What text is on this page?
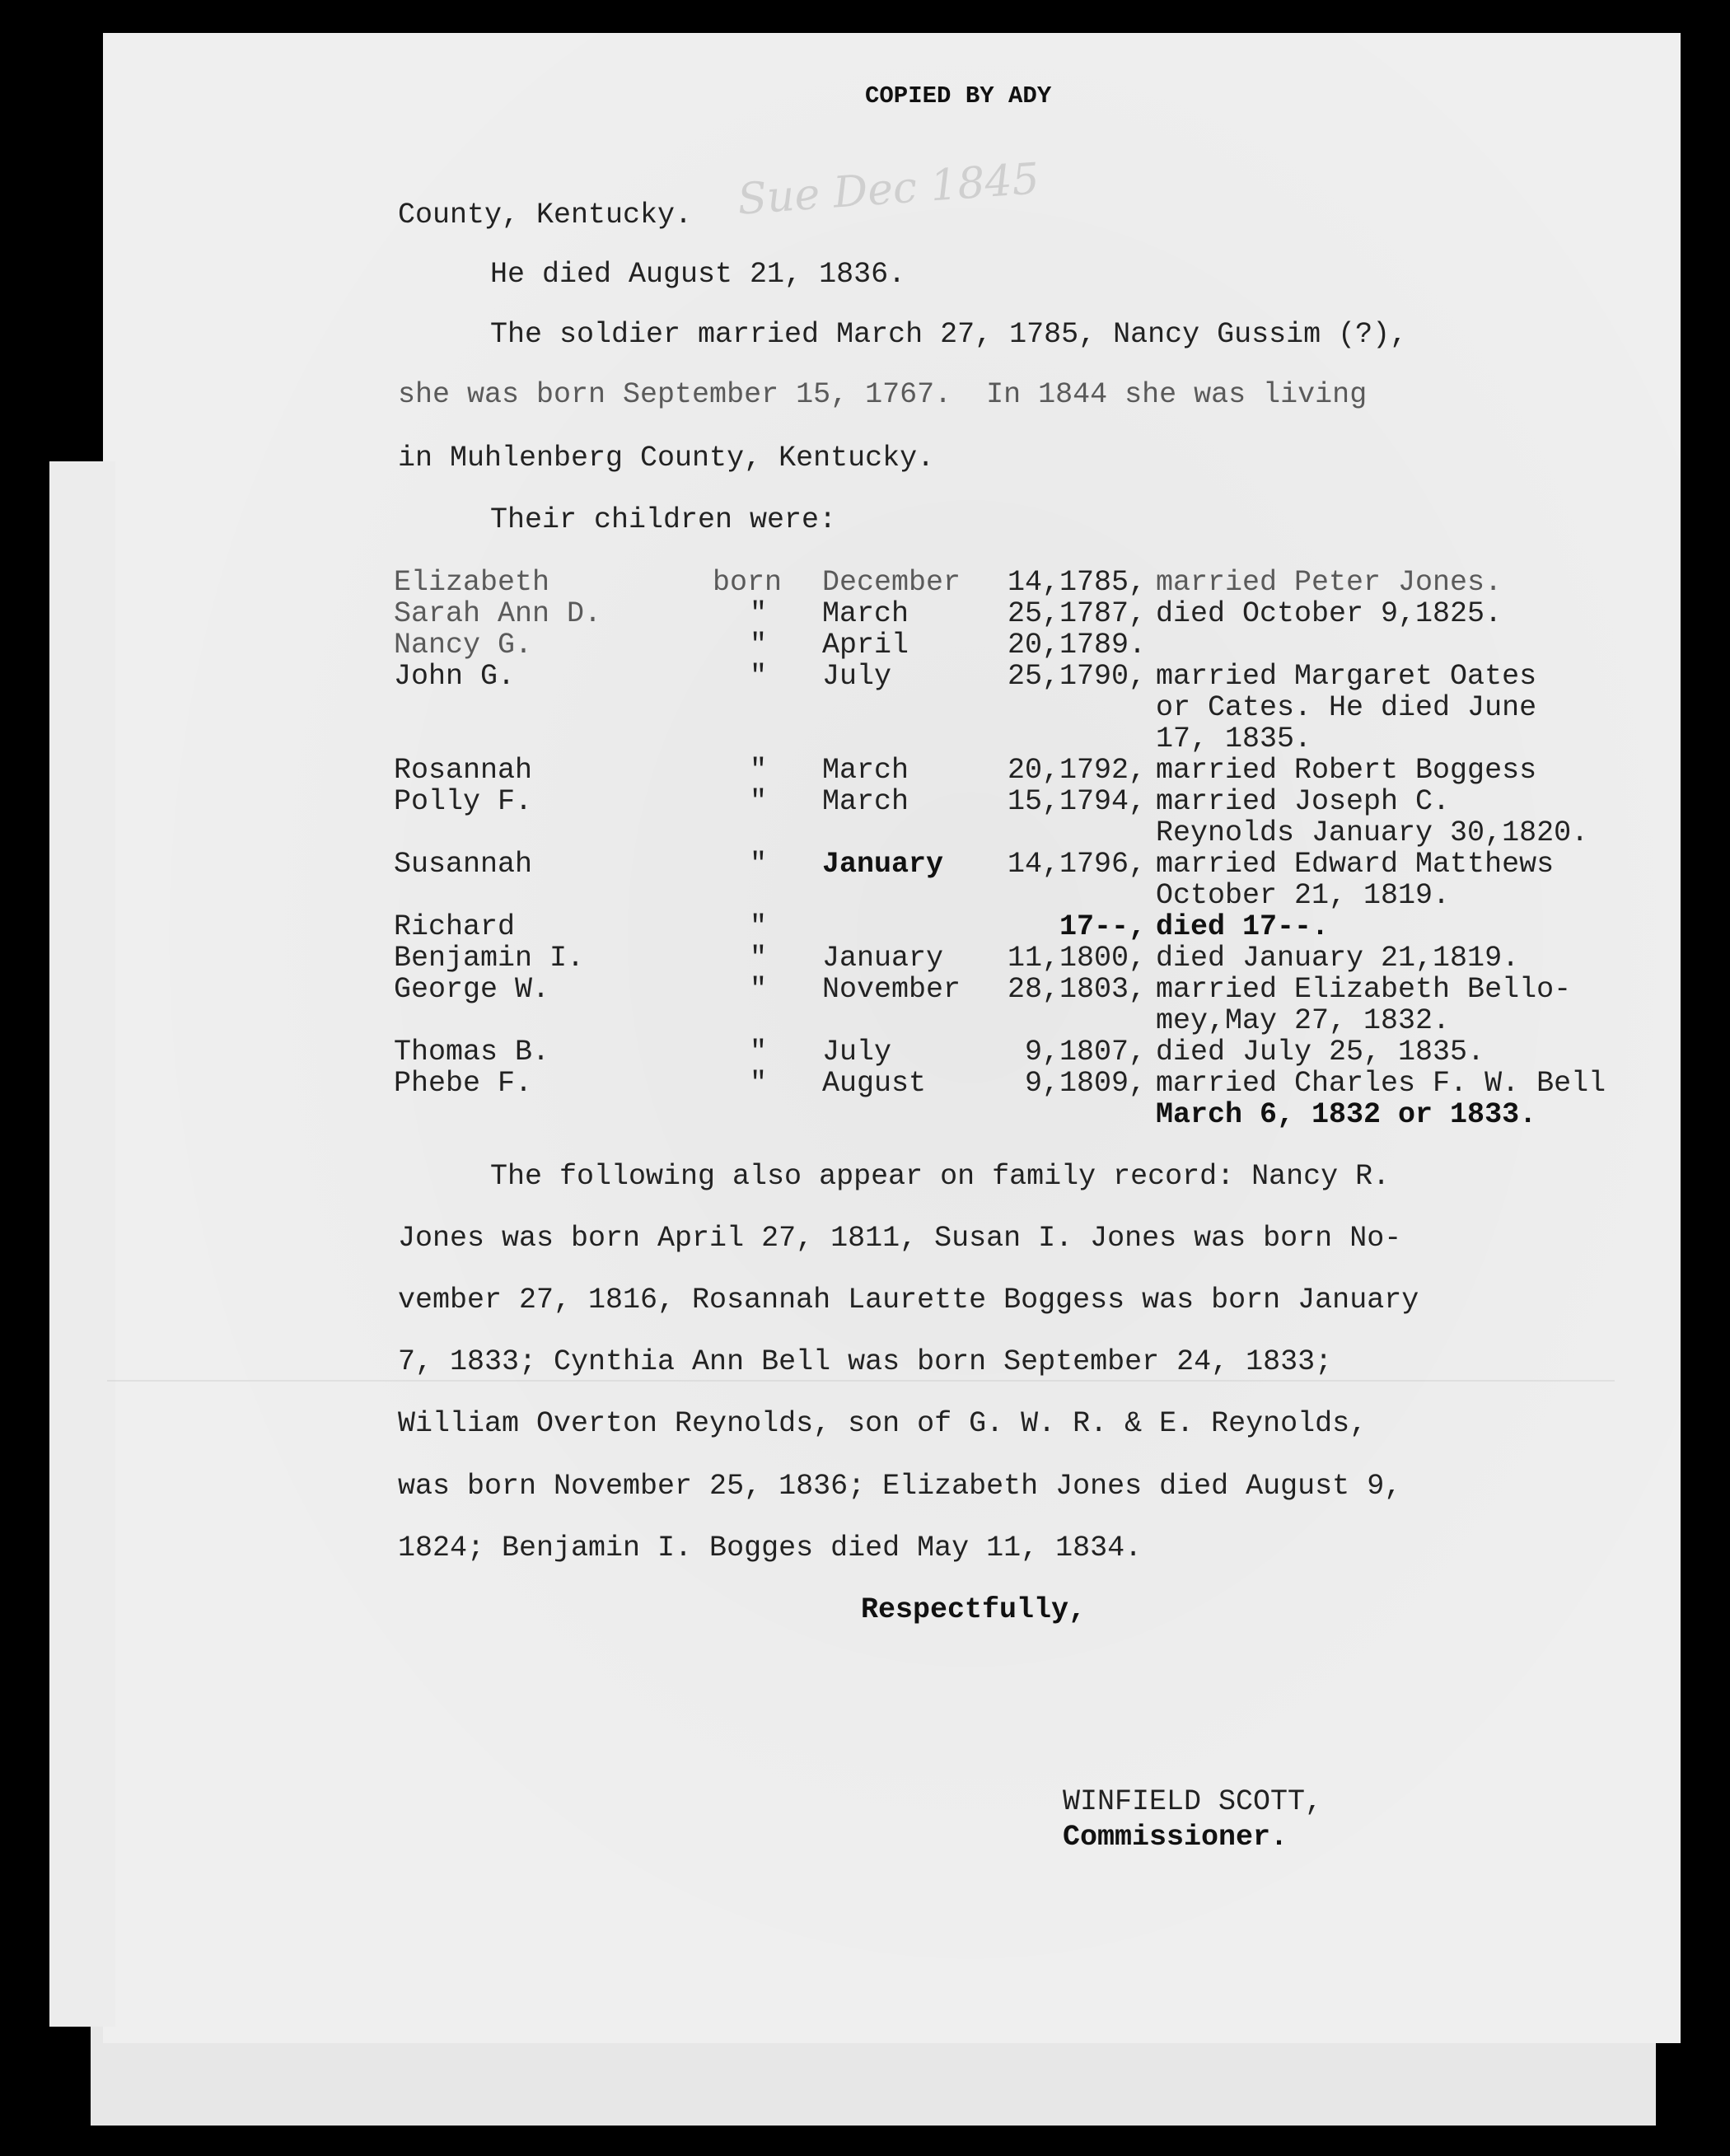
COPIED BY ADY

County, Kentucky. Sue Dec 1845

He died August 21, 1836.

The soldier married March 27, 1785, Nancy Gussim (?),

she was born September 15, 1767.  In 1844 she was living

in Muhlenberg County, Kentucky.

Their children were:

Elizabeth	born December 14,1785, married Peter Jones.

Sarah Ann D.	" March	25,1787, died October 9,1825.

Nancy G.	" April	20,1789.

John G.	" July	25,1790, married Margaret Oates

or Cates. He died June

17, 1835.

Rosannah	" March	20,1792, married Robert Boggess

Polly F.	" March	15,1794, married Joseph C.

Reynolds January 30,1820.

Susannah	" January 14,1796, married Edward Matthews

October 21, 1819.

Richard	"	17--, died 17--.

Benjamin I.	" January 11,1800, died January 21,1819.

George W.	" November 28,1803, married Elizabeth Bello-

mey,May 27, 1832.

Thomas B.	" July	9,1807, died July 25, 1835.

Phebe F.	" August	9,1809, married Charles F. W. Bell

March 6, 1832 or 1833.

The following also appear on family record: Nancy R.

Jones was born April 27, 1811, Susan I. Jones was born No-

vember 27, 1816, Rosannah Laurette Boggess was born January

7, 1833; Cynthia Ann Bell was born September 24, 1833;

William Overton Reynolds, son of G. W. R. & E. Reynolds,

was born November 25, 1836; Elizabeth Jones died August 9,

1824; Benjamin I. Bogges died May 11, 1834.

Respectfully,

WINFIELD SCOTT,

Commissioner.
